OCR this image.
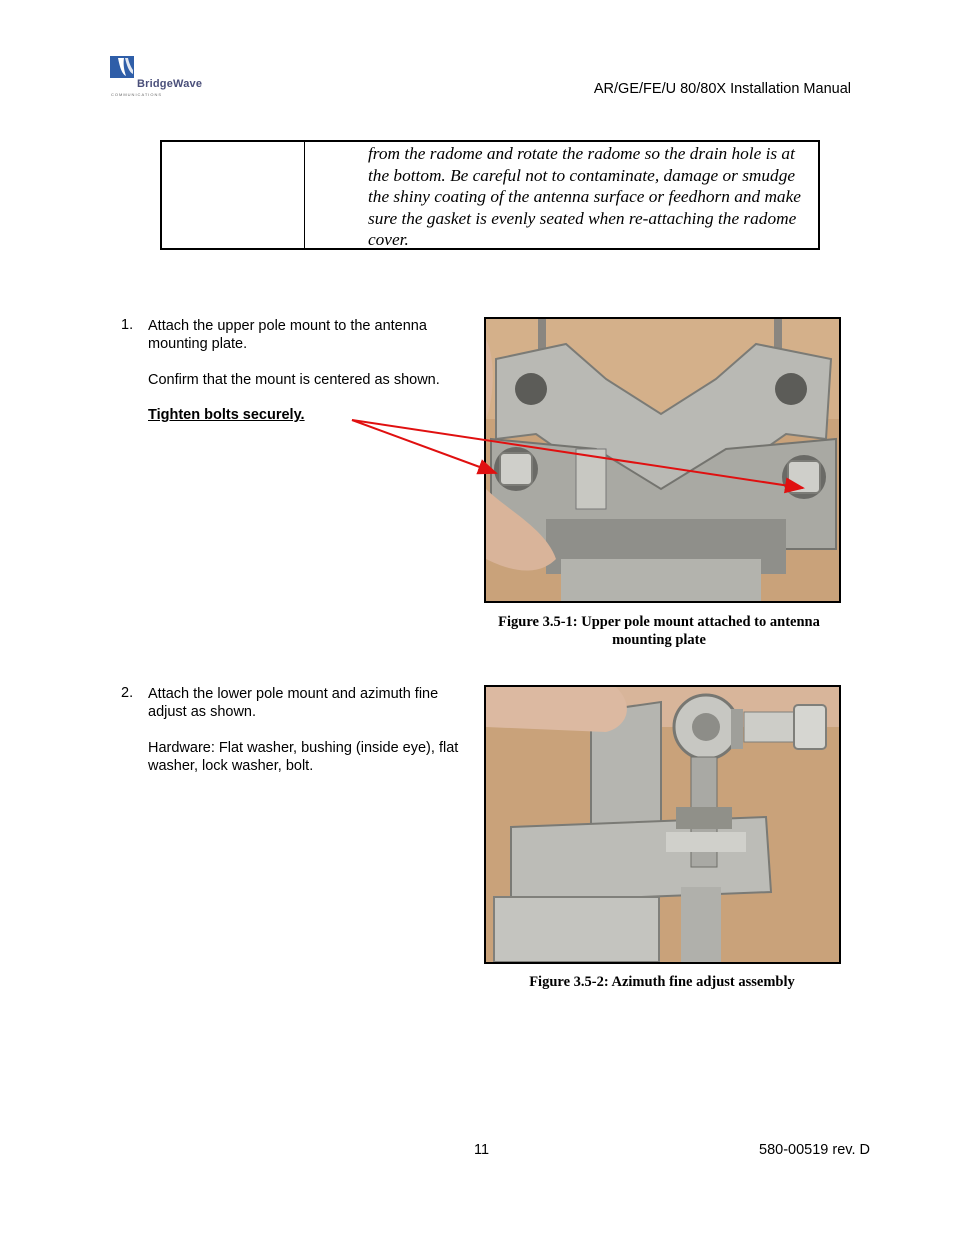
BridgeWave
COMMUNICATIONS	AR/GE/FE/U 80/80X Installation Manual
from the radome and rotate the radome so the drain hole is at the bottom. Be careful not to contaminate, damage or smudge the shiny coating of the antenna surface or feedhorn and make sure the gasket is evenly seated when re-attaching the radome cover.
1. Attach the upper pole mount to the antenna mounting plate.
Confirm that the mount is centered as shown.
Tighten bolts securely.
Figure 3.5-1: Upper pole mount attached to antenna
mounting plate
2. Attach the lower pole mount and azimuth fine adjust as shown.
Hardware: Flat washer, bushing (inside eye), flat washer, lock washer, bolt.
Figure 3.5-2: Azimuth fine adjust assembly
11	580-00519 rev. D
